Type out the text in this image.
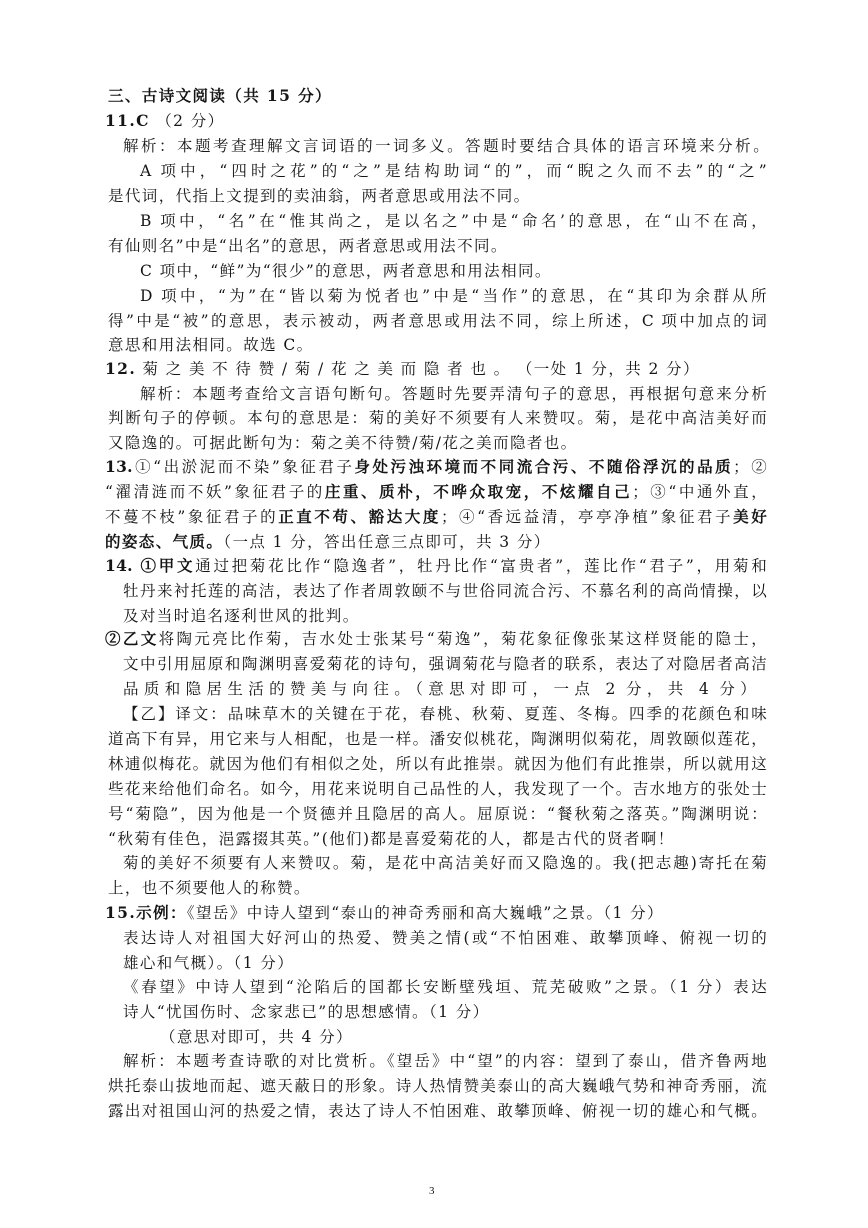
三、古诗文阅读（共 15 分）
11.C （2 分）
解析：本题考查理解文言词语的一词多义。答题时要结合具体的语言环境来分析。
A 项中，“四时之花”的“之”是结构助词“的”，而“睨之久而不去”的“之”
是代词，代指上文提到的卖油翁，两者意思或用法不同。
B 项中，“名”在“惟其尚之，是以名之”中是“命名’的意思，在“山不在高，
有仙则名”中是“出名”的意思，两者意思或用法不同。
C 项中，“鲜”为“很少”的意思，两者意思和用法相同。
D 项中，“为”在“皆以菊为悦者也”中是“当作”的意思，在“其印为余群从所
得”中是“被”的意思，表示被动，两者意思或用法不同，综上所述，C 项中加点的词
意思和用法相同。故选 C。
12. 菊 之 美 不 待 赞 / 菊 / 花 之 美 而 隐 者 也 。 （一处 1 分，共 2 分）
解析：本题考查给文言语句断句。答题时先要弄清句子的意思，再根据句意来分析
判断句子的停顿。本句的意思是：菊的美好不须要有人来赞叹。菊，是花中高洁美好而
又隐逸的。可据此断句为：菊之美不待赞/菊/花之美而隐者也。
13.①“出淤泥而不染”象征君子身处污浊环境而不同流合污、不随俗浮沉的品质；②
“濯清涟而不妖”象征君子的庄重、质朴，不哗众取宠，不炫耀自己；③“中通外直，
不蔓不枝”象征君子的正直不苟、豁达大度；④“香远益清，亭亭净植”象征君子美好
的姿态、气质。（一点 1 分，答出任意三点即可，共 3 分）
14. ①甲文通过把菊花比作“隐逸者”，牡丹比作“富贵者”，莲比作“君子”，用菊和
牡丹来衬托莲的高洁，表达了作者周敦颐不与世俗同流合污、不慕名利的高尚情操，以
及对当时追名逐利世风的批判。
②乙文将陶元亮比作菊，吉水处士张某号“菊逸”，菊花象征像张某这样贤能的隐士，
文中引用屈原和陶渊明喜爱菊花的诗句，强调菊花与隐者的联系，表达了对隐居者高洁
品质和隐居生活的赞美与向往。（意思对即可，一点 2 分，共 4 分）
【乙】译文：品味草木的关键在于花，春桃、秋菊、夏莲、冬梅。四季的花颜色和味
道高下有异，用它来与人相配，也是一样。潘安似桃花，陶渊明似菊花，周敦颐似莲花，
林逋似梅花。就因为他们有相似之处，所以有此推崇。就因为他们有此推崇，所以就用这
些花来给他们命名。如今，用花来说明自己品性的人，我发现了一个。吉水地方的张处士
号“菊隐”，因为他是一个贤德并且隐居的高人。屈原说：“餐秋菊之落英。”陶渊明说：
“秋菊有佳色，浥露掇其英。”(他们)都是喜爱菊花的人，都是古代的贤者啊！
菊的美好不须要有人来赞叹。菊，是花中高洁美好而又隐逸的。我(把志趣)寄托在菊
上，也不须要他人的称赞。
15.示例：《望岳》中诗人望到“泰山的神奇秀丽和高大巍峨”之景。（1 分）
表达诗人对祖国大好河山的热爱、赞美之情(或“不怕困难、敢攀顶峰、俯视一切的
雄心和气概）。（1 分）
《春望》中诗人望到“沦陷后的国都长安断壁残垣、荒芜破败”之景。（1 分）表达
诗人“忧国伤时、念家悲已”的思想感情。（1 分）
（意思对即可，共 4 分）
解析：本题考查诗歌的对比赏析。《望岳》中“望”的内容：望到了泰山，借齐鲁两地
烘托泰山拔地而起、遮天蔽日的形象。诗人热情赞美泰山的高大巍峨气势和神奇秀丽，流
露出对祖国山河的热爱之情，表达了诗人不怕困难、敢攀顶峰、俯视一切的雄心和气概。
3
